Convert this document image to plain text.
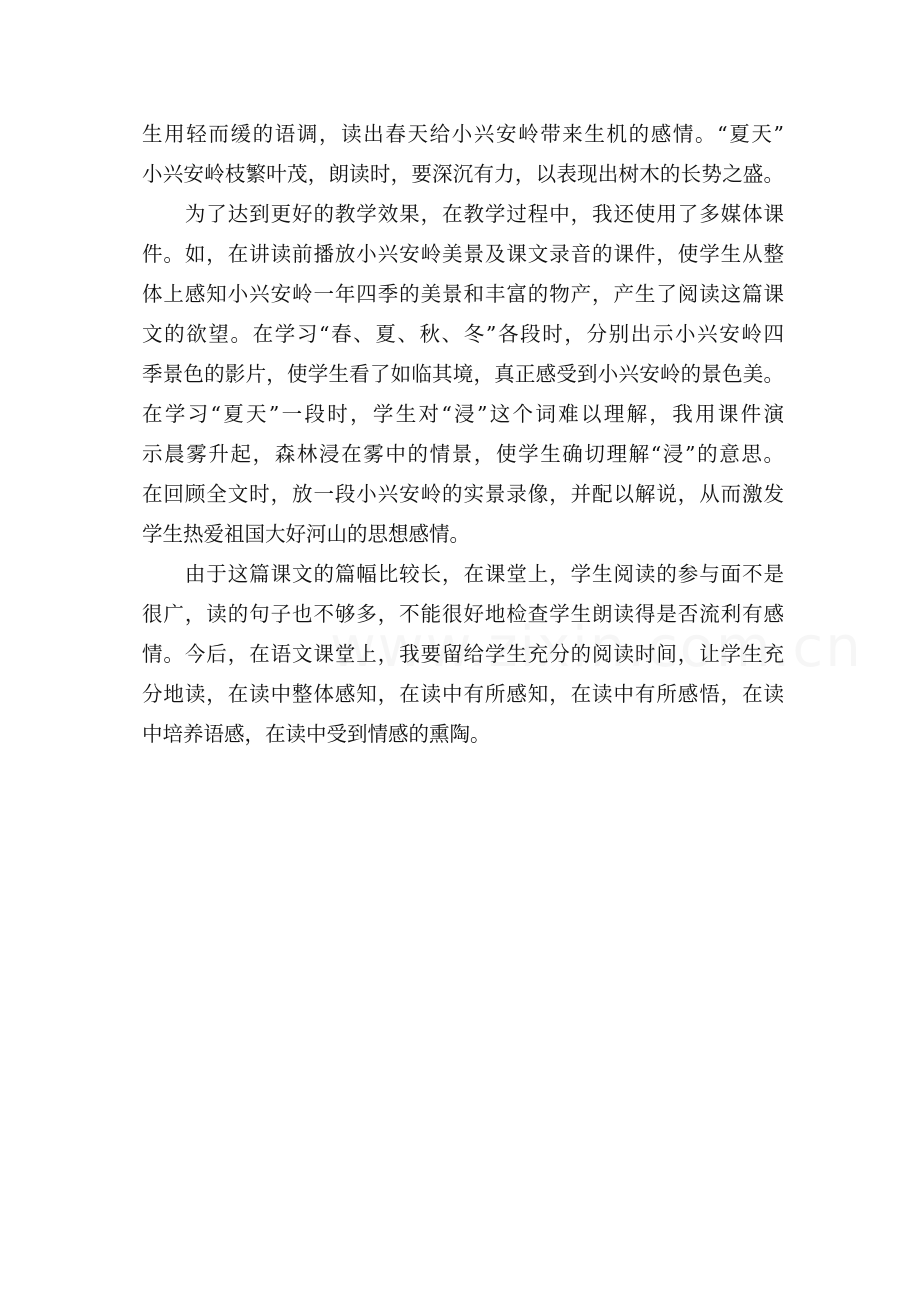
生用轻而缓的语调，读出春天给小兴安岭带来生机的感情。“夏天”
小兴安岭枝繁叶茂，朗读时，要深沉有力，以表现出树木的长势之盛。
　　为了达到更好的教学效果，在教学过程中，我还使用了多媒体课
件。如，在讲读前播放小兴安岭美景及课文录音的课件，使学生从整
体上感知小兴安岭一年四季的美景和丰富的物产，产生了阅读这篇课
文的欲望。在学习“春、夏、秋、冬”各段时，分别出示小兴安岭四
季景色的影片，使学生看了如临其境，真正感受到小兴安岭的景色美。
在学习“夏天”一段时，学生对“浸”这个词难以理解，我用课件演
示晨雾升起，森林浸在雾中的情景，使学生确切理解“浸”的意思。
在回顾全文时，放一段小兴安岭的实景录像，并配以解说，从而激发
学生热爱祖国大好河山的思想感情。
　　由于这篇课文的篇幅比较长，在课堂上，学生阅读的参与面不是
很广，读的句子也不够多，不能很好地检查学生朗读得是否流利有感
情。今后，在语文课堂上，我要留给学生充分的阅读时间，让学生充
分地读，在读中整体感知，在读中有所感知，在读中有所感悟，在读
中培养语感，在读中受到情感的熏陶。
